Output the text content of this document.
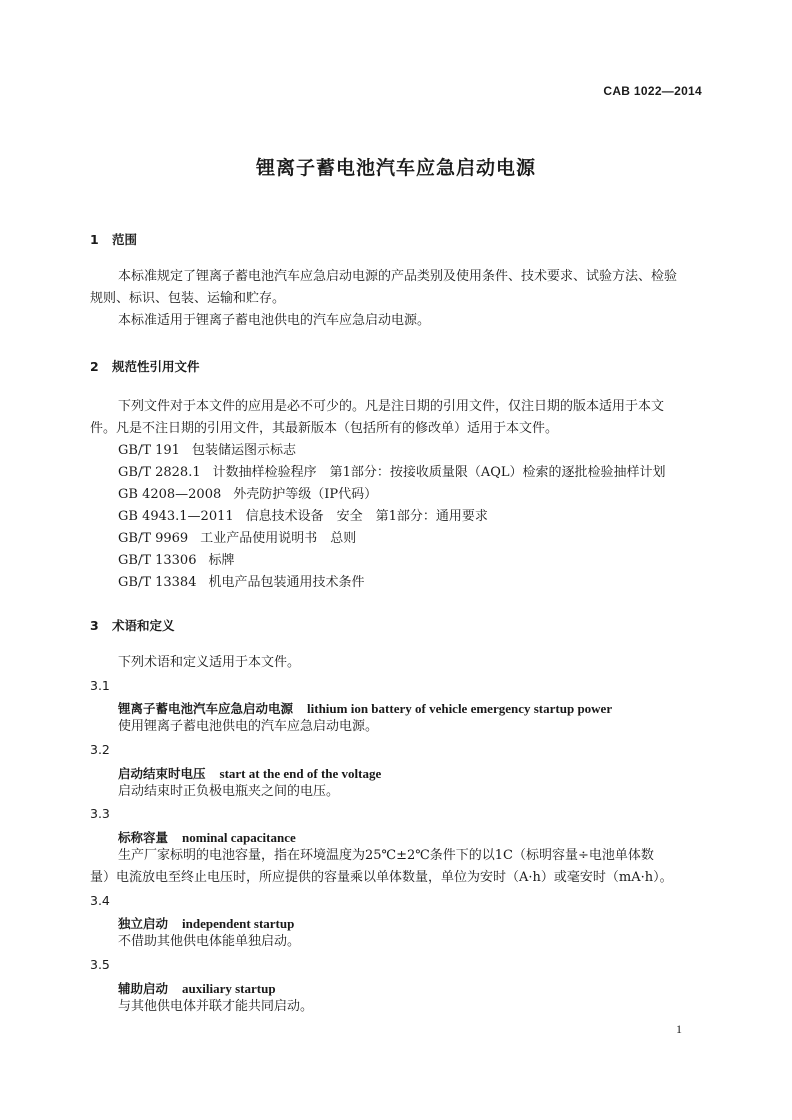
CAB 1022—2014
锂离子蓄电池汽车应急启动电源
1 范围
本标准规定了锂离子蓄电池汽车应急启动电源的产品类别及使用条件、技术要求、试验方法、检验
规则、标识、包装、运输和贮存。
本标准适用于锂离子蓄电池供电的汽车应急启动电源。
2 规范性引用文件
下列文件对于本文件的应用是必不可少的。凡是注日期的引用文件，仅注日期的版本适用于本文
件。凡是不注日期的引用文件，其最新版本（包括所有的修改单）适用于本文件。
GB/T 191 包装储运图示标志
GB/T 2828.1 计数抽样检验程序　第1部分：按接收质量限（AQL）检索的逐批检验抽样计划
GB 4208—2008 外壳防护等级（IP代码）
GB 4943.1—2011 信息技术设备　安全　第1部分：通用要求
GB/T 9969 工业产品使用说明书　总则
GB/T 13306 标牌
GB/T 13384 机电产品包装通用技术条件
3 术语和定义
下列术语和定义适用于本文件。
3.1
锂离子蓄电池汽车应急启动电源 lithium ion battery of vehicle emergency startup power
使用锂离子蓄电池供电的汽车应急启动电源。
3.2
启动结束时电压 start at the end of the voltage
启动结束时正负极电瓶夹之间的电压。
3.3
标称容量 nominal capacitance
生产厂家标明的电池容量，指在环境温度为25℃±2℃条件下的以1C（标明容量÷电池单体数
量）电流放电至终止电压时，所应提供的容量乘以单体数量，单位为安时（A·h）或毫安时（mA·h）。
3.4
独立启动 independent startup
不借助其他供电体能单独启动。
3.5
辅助启动 auxiliary startup
与其他供电体并联才能共同启动。
1
